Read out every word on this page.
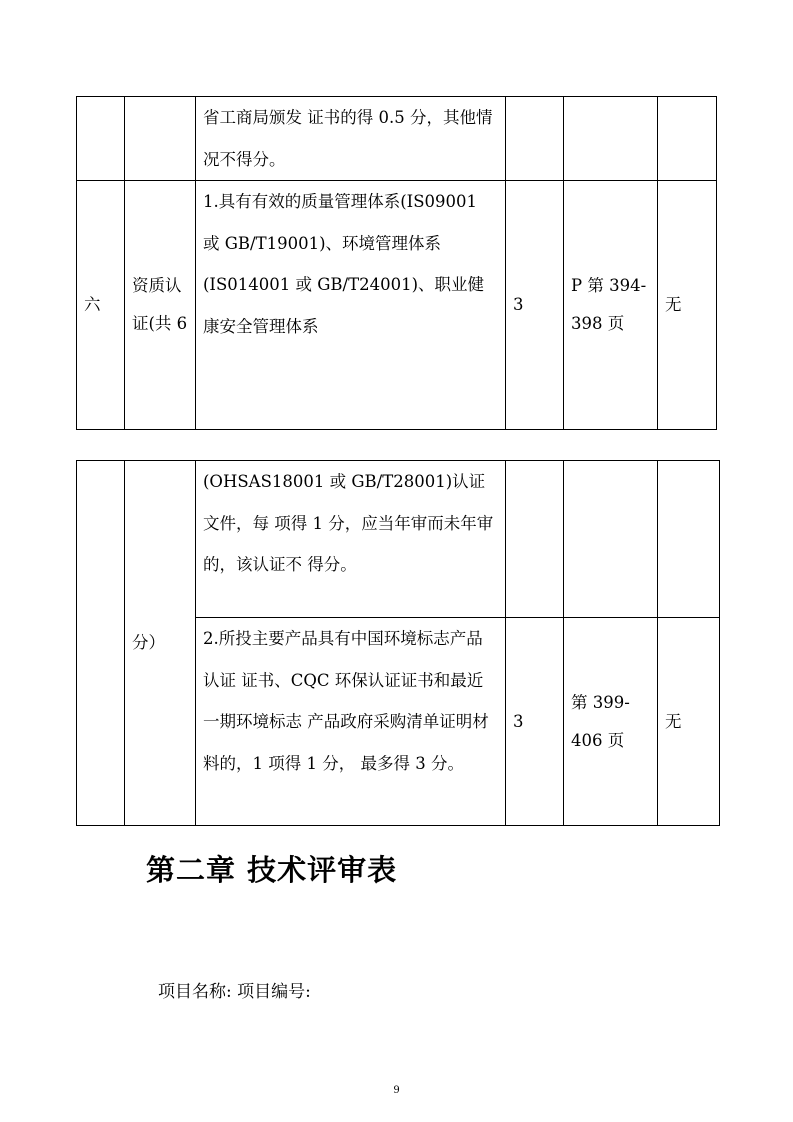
		省工商局颁发 证书的得 0.5 分，其他情况不得分。			
六	资质认证(共 6	1.具有有效的质量管理体系(IS09001 或 GB/T19001)、环境管理体系 (IS014001 或 GB/T24001)、职业健康安全管理体系	3	P 第 394-398 页	无
	分）	(OHSAS18001 或 GB/T28001)认证文件，每 项得 1 分，应当年审而未年审的，该认证不 得分。			
		2.所投主要产品具有中国环境标志产品认证 证书、CQC 环保认证证书和最近一期环境标志 产品政府采购清单证明材料的，1 项得 1 分， 最多得 3 分。	3	第 399-406 页	无
第二章 技术评审表
项目名称: 项目编号:
9
